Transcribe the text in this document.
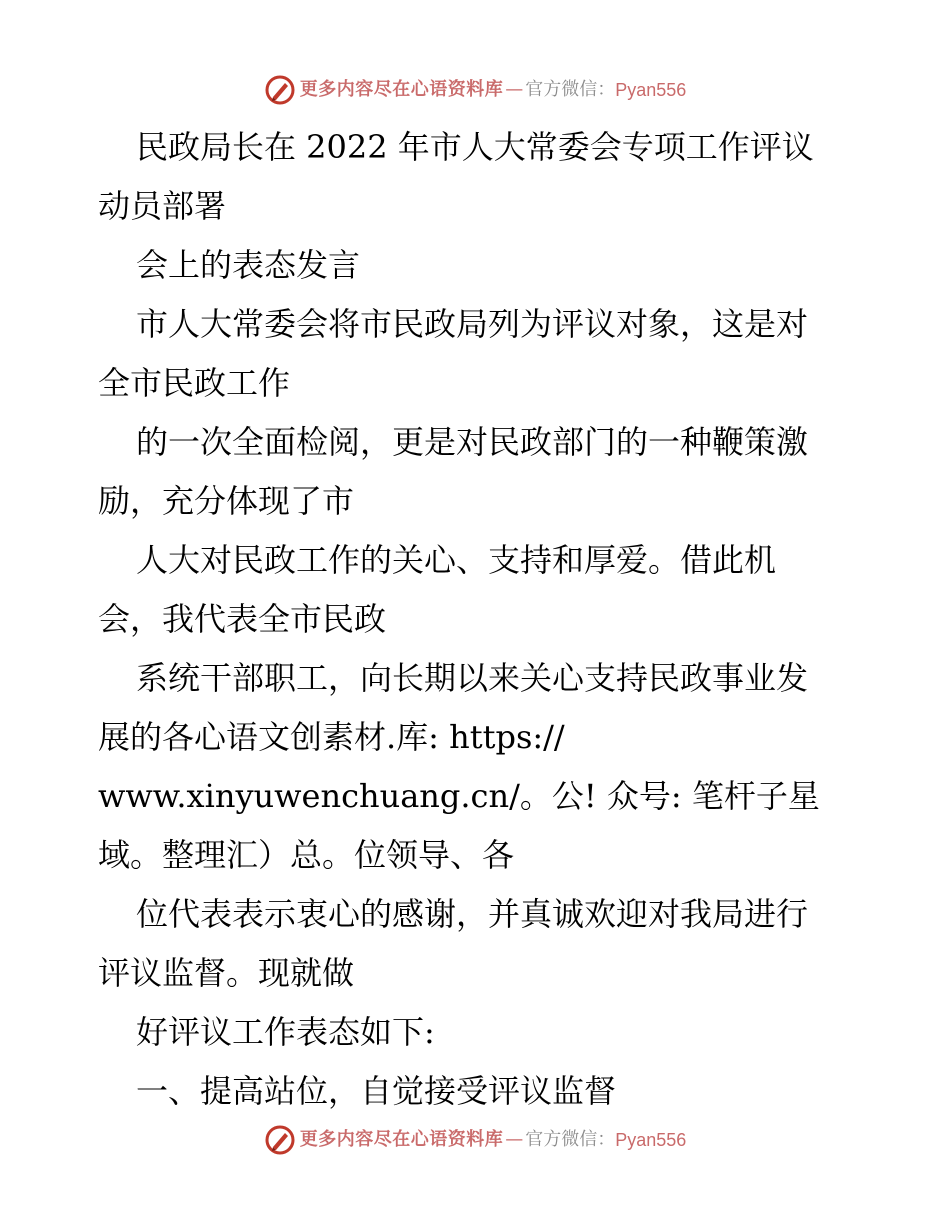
更多内容尽在心语资料库 — 官方微信： Pyan556

民政局长在 2022 年市人大常委会专项工作评议
动员部署

会上的表态发言

市人大常委会将市民政局列为评议对象，这是对
全市民政工作

的一次全面检阅，更是对民政部门的一种鞭策激
励，充分体现了市

人大对民政工作的关心、支持和厚爱。借此机
会，我代表全市民政

系统干部职工，向长期以来关心支持民政事业发
展的各心语文创素材.库: https://
www.xinyuwenchuang.cn/。公! 众号: 笔杆子星
域。整理汇）总。位领导、各

位代表表示衷心的感谢，并真诚欢迎对我局进行
评议监督。现就做

好评议工作表态如下:

一、提高站位，自觉接受评议监督

更多内容尽在心语资料库 — 官方微信： Pyan556
